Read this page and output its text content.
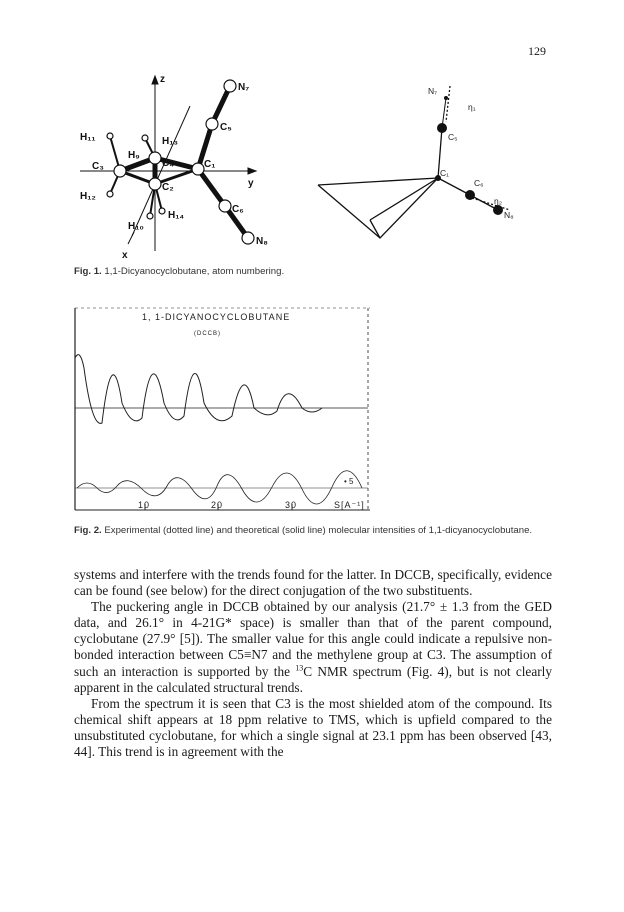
129
z
N₇
C₅
H₁₁	H₁₃
H₉
C₃	C₄	C₁
y
C₂
H₁₂
H₁₄
C₆
H₁₀
N₈
x
N₇
η₁
C₅
C₁
C₆
η₂
N₈
Fig. 1. 1,1-Dicyanocyclobutane, atom numbering.
1, 1-DICYANOCYCLOBUTANE
(DCCB)
• 5
10	20	30	S[A⁻¹]
Fig. 2. Experimental (dotted line) and theoretical (solid line) molecular intensities of 1,1-dicyanocyclobutane.

systems and interfere with the trends found for the latter. In DCCB, specifically, evidence can be found (see below) for the direct conjugation of the two substituents.

The puckering angle in DCCB obtained by our analysis (21.7° ± 1.3 from the GED data, and 26.1° in 4-21G* space) is smaller than that of the parent compound, cyclobutane (27.9° [5]). The smaller value for this angle could indicate a repulsive non-bonded interaction between C5≡N7 and the methylene group at C3. The assumption of such an interaction is supported by the $^{13}$C NMR spectrum (Fig. 4), but is not clearly apparent in the calculated structural trends.

From the spectrum it is seen that C3 is the most shielded atom of the compound. Its chemical shift appears at 18 ppm relative to TMS, which is upfield compared to the unsubstituted cyclobutane, for which a single signal at 23.1 ppm has been observed [43, 44]. This trend is in agreement with the
